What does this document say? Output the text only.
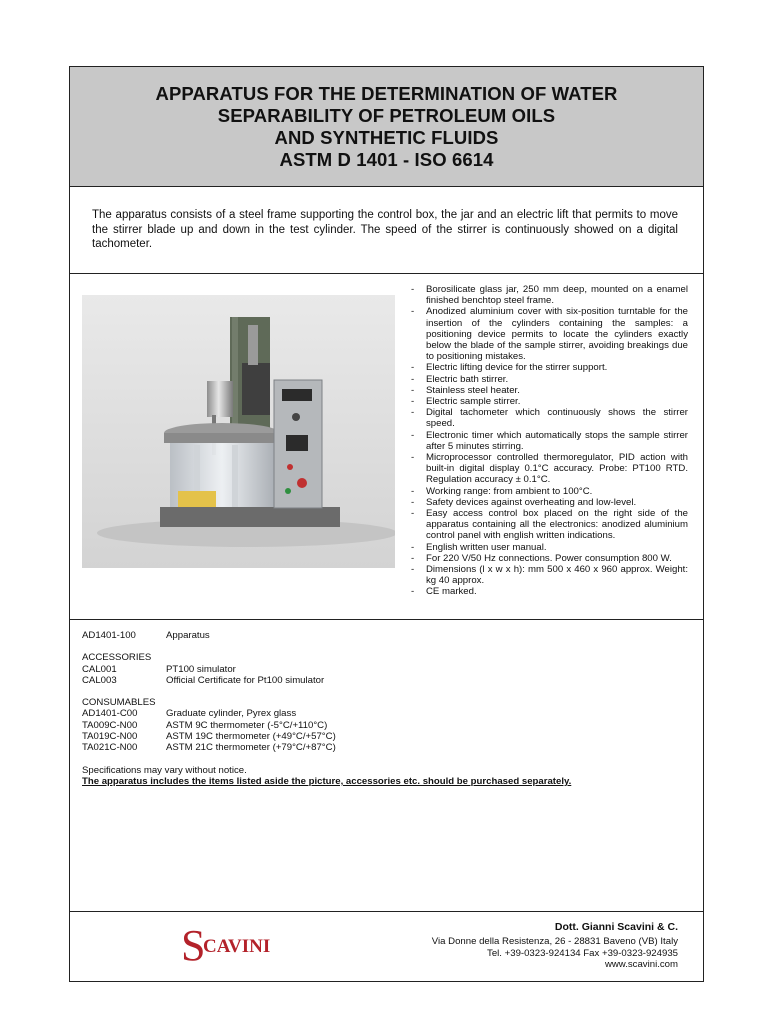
APPARATUS FOR THE DETERMINATION OF WATER
SEPARABILITY OF PETROLEUM OILS
AND SYNTHETIC FLUIDS
ASTM D 1401 - ISO 6614
The apparatus consists of a steel frame supporting the control box, the jar and an electric lift that permits to move the stirrer blade up and down in the test cylinder. The speed of the stirrer is continuously showed on a digital tachometer.
- Borosilicate glass jar, 250 mm deep, mounted on a enamel finished benchtop steel frame.
- Anodized aluminium cover with six-position turntable for the insertion of the cylinders containing the samples: a positioning device permits to locate the cylinders exactly below the blade of the sample stirrer, avoiding breakings due to positioning mistakes.
- Electric lifting device for the stirrer support.
- Electric bath stirrer.
- Stainless steel heater.
- Electric sample stirrer.
- Digital tachometer which continuously shows the stirrer speed.
- Electronic timer which automatically stops the sample stirrer after 5 minutes stirring.
- Microprocessor controlled thermoregulator, PID action with built-in digital display 0.1°C accuracy. Probe: PT100 RTD. Regulation accuracy ± 0.1°C.
- Working range: from ambient to 100°C.
- Safety devices against overheating and low-level.
- Easy access control box placed on the right side of the apparatus containing all the electronics: anodized aluminium control panel with english written indications.
- English written user manual.
- For 220 V/50 Hz connections. Power consumption 800 W.
- Dimensions (l x w x h): mm 500 x 460 x 960 approx. Weight: kg 40 approx.
- CE marked.
AD1401-100	Apparatus
ACCESSORIES
CAL001	PT100 simulator
CAL003	Official Certificate for Pt100 simulator
CONSUMABLES
AD1401-C00	Graduate cylinder, Pyrex glass
TA009C-N00	ASTM 9C thermometer (-5°C/+110°C)
TA019C-N00	ASTM 19C thermometer (+49°C/+57°C)
TA021C-N00	ASTM 21C thermometer (+79°C/+87°C)
Specifications may vary without notice.
The apparatus includes the items listed aside the picture, accessories etc. should be purchased separately.
S
CAVINI
Dott. Gianni Scavini & C.
Via Donne della Resistenza, 26 - 28831 Baveno (VB) Italy
Tel. +39-0323-924134 Fax +39-0323-924935
www.scavini.com
